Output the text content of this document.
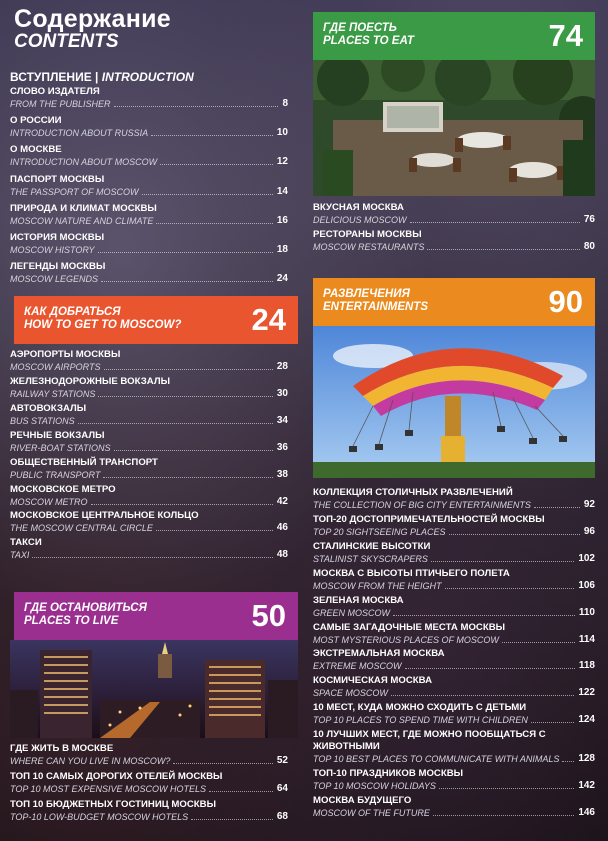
Содержание
CONTENTS
ВСТУПЛЕНИЕ | INTRODUCTION
СЛОВО ИЗДАТЕЛЯ
FROM THE PUBLISHER	8
О РОССИИ
INTRODUCTION ABOUT RUSSIA	10
О МОСКВЕ
INTRODUCTION ABOUT MOSCOW	12
ПАСПОРТ МОСКВЫ
THE PASSPORT OF MOSCOW	14
ПРИРОДА И КЛИМАТ МОСКВЫ
MOSCOW NATURE AND CLIMATE	16
ИСТОРИЯ МОСКВЫ
MOSCOW HISTORY	18
ЛЕГЕНДЫ МОСКВЫ
MOSCOW LEGENDS	24
КАК ДОБРАТЬСЯ
HOW TO GET TO MOSCOW? 24
АЭРОПОРТЫ МОСКВЫ
MOSCOW AIRPORTS	28
ЖЕЛЕЗНОДОРОЖНЫЕ ВОКЗАЛЫ
RAILWAY STATIONS	30
АВТОВОКЗАЛЫ
BUS STATIONS	34
РЕЧНЫЕ ВОКЗАЛЫ
RIVER-BOAT STATIONS	36
ОБЩЕСТВЕННЫЙ ТРАНСПОРТ
PUBLIC TRANSPORT	38
МОСКОВСКОЕ МЕТРО
MOSCOW METRO	42
МОСКОВСКОЕ ЦЕНТРАЛЬНОЕ КОЛЬЦО
THE MOSCOW CENTRAL CIRCLE	46
ТАКСИ
TAXI	48
ГДЕ ОСТАНОВИТЬСЯ
PLACES TO LIVE	50
ГДЕ ЖИТЬ В МОСКВЕ
WHERE CAN YOU LIVE IN MOSCOW?	52
ТОП 10 САМЫХ ДОРОГИХ ОТЕЛЕЙ МОСКВЫ
TOP 10 MOST EXPENSIVE MOSCOW HOTELS	64
ТОП 10 БЮДЖЕТНЫХ ГОСТИНИЦ МОСКВЫ
TOP-10 LOW-BUDGET MOSCOW HOTELS	68
ГДЕ ПОЕСТЬ
PLACES TO EAT	74
ВКУСНАЯ МОСКВА
DELICIOUS MOSCOW	76
РЕСТОРАНЫ МОСКВЫ
MOSCOW RESTAURANTS	80
РАЗВЛЕЧЕНИЯ
ENTERTAINMENTS	90
КОЛЛЕКЦИЯ СТОЛИЧНЫХ РАЗВЛЕЧЕНИЙ
THE COLLECTION OF BIG CITY ENTERTAINMENTS	92
ТОП-20 ДОСТОПРИМЕЧАТЕЛЬНОСТЕЙ МОСКВЫ
TOP 20 SIGHTSEEING PLACES	96
СТАЛИНСКИЕ ВЫСОТКИ
STALINIST SKYSCRAPERS	102
МОСКВА С ВЫСОТЫ ПТИЧЬЕГО ПОЛЕТА
MOSCOW FROM THE HEIGHT	106
ЗЕЛЕНАЯ МОСКВА
GREEN MOSCOW	110
САМЫЕ ЗАГАДОЧНЫЕ МЕСТА МОСКВЫ
MOST MYSTERIOUS PLACES OF MOSCOW	114
ЭКСТРЕМАЛЬНАЯ МОСКВА
EXTREME MOSCOW	118
КОСМИЧЕСКАЯ МОСКВА
SPACE MOSCOW	122
10 МЕСТ, КУДА МОЖНО СХОДИТЬ С ДЕТЬМИ
TOP 10 PLACES TO SPEND TIME WITH CHILDREN	124
10 ЛУЧШИХ МЕСТ, ГДЕ МОЖНО ПООБЩАТЬСЯ С ЖИВОТНЫМИ
TOP 10 BEST PLACES TO COMMUNICATE WITH ANIMALS 128
ТОП-10 ПРАЗДНИКОВ МОСКВЫ
TOP 10 MOSCOW HOLIDAYS	142
МОСКВА БУДУЩЕГО
MOSCOW OF THE FUTURE	146
